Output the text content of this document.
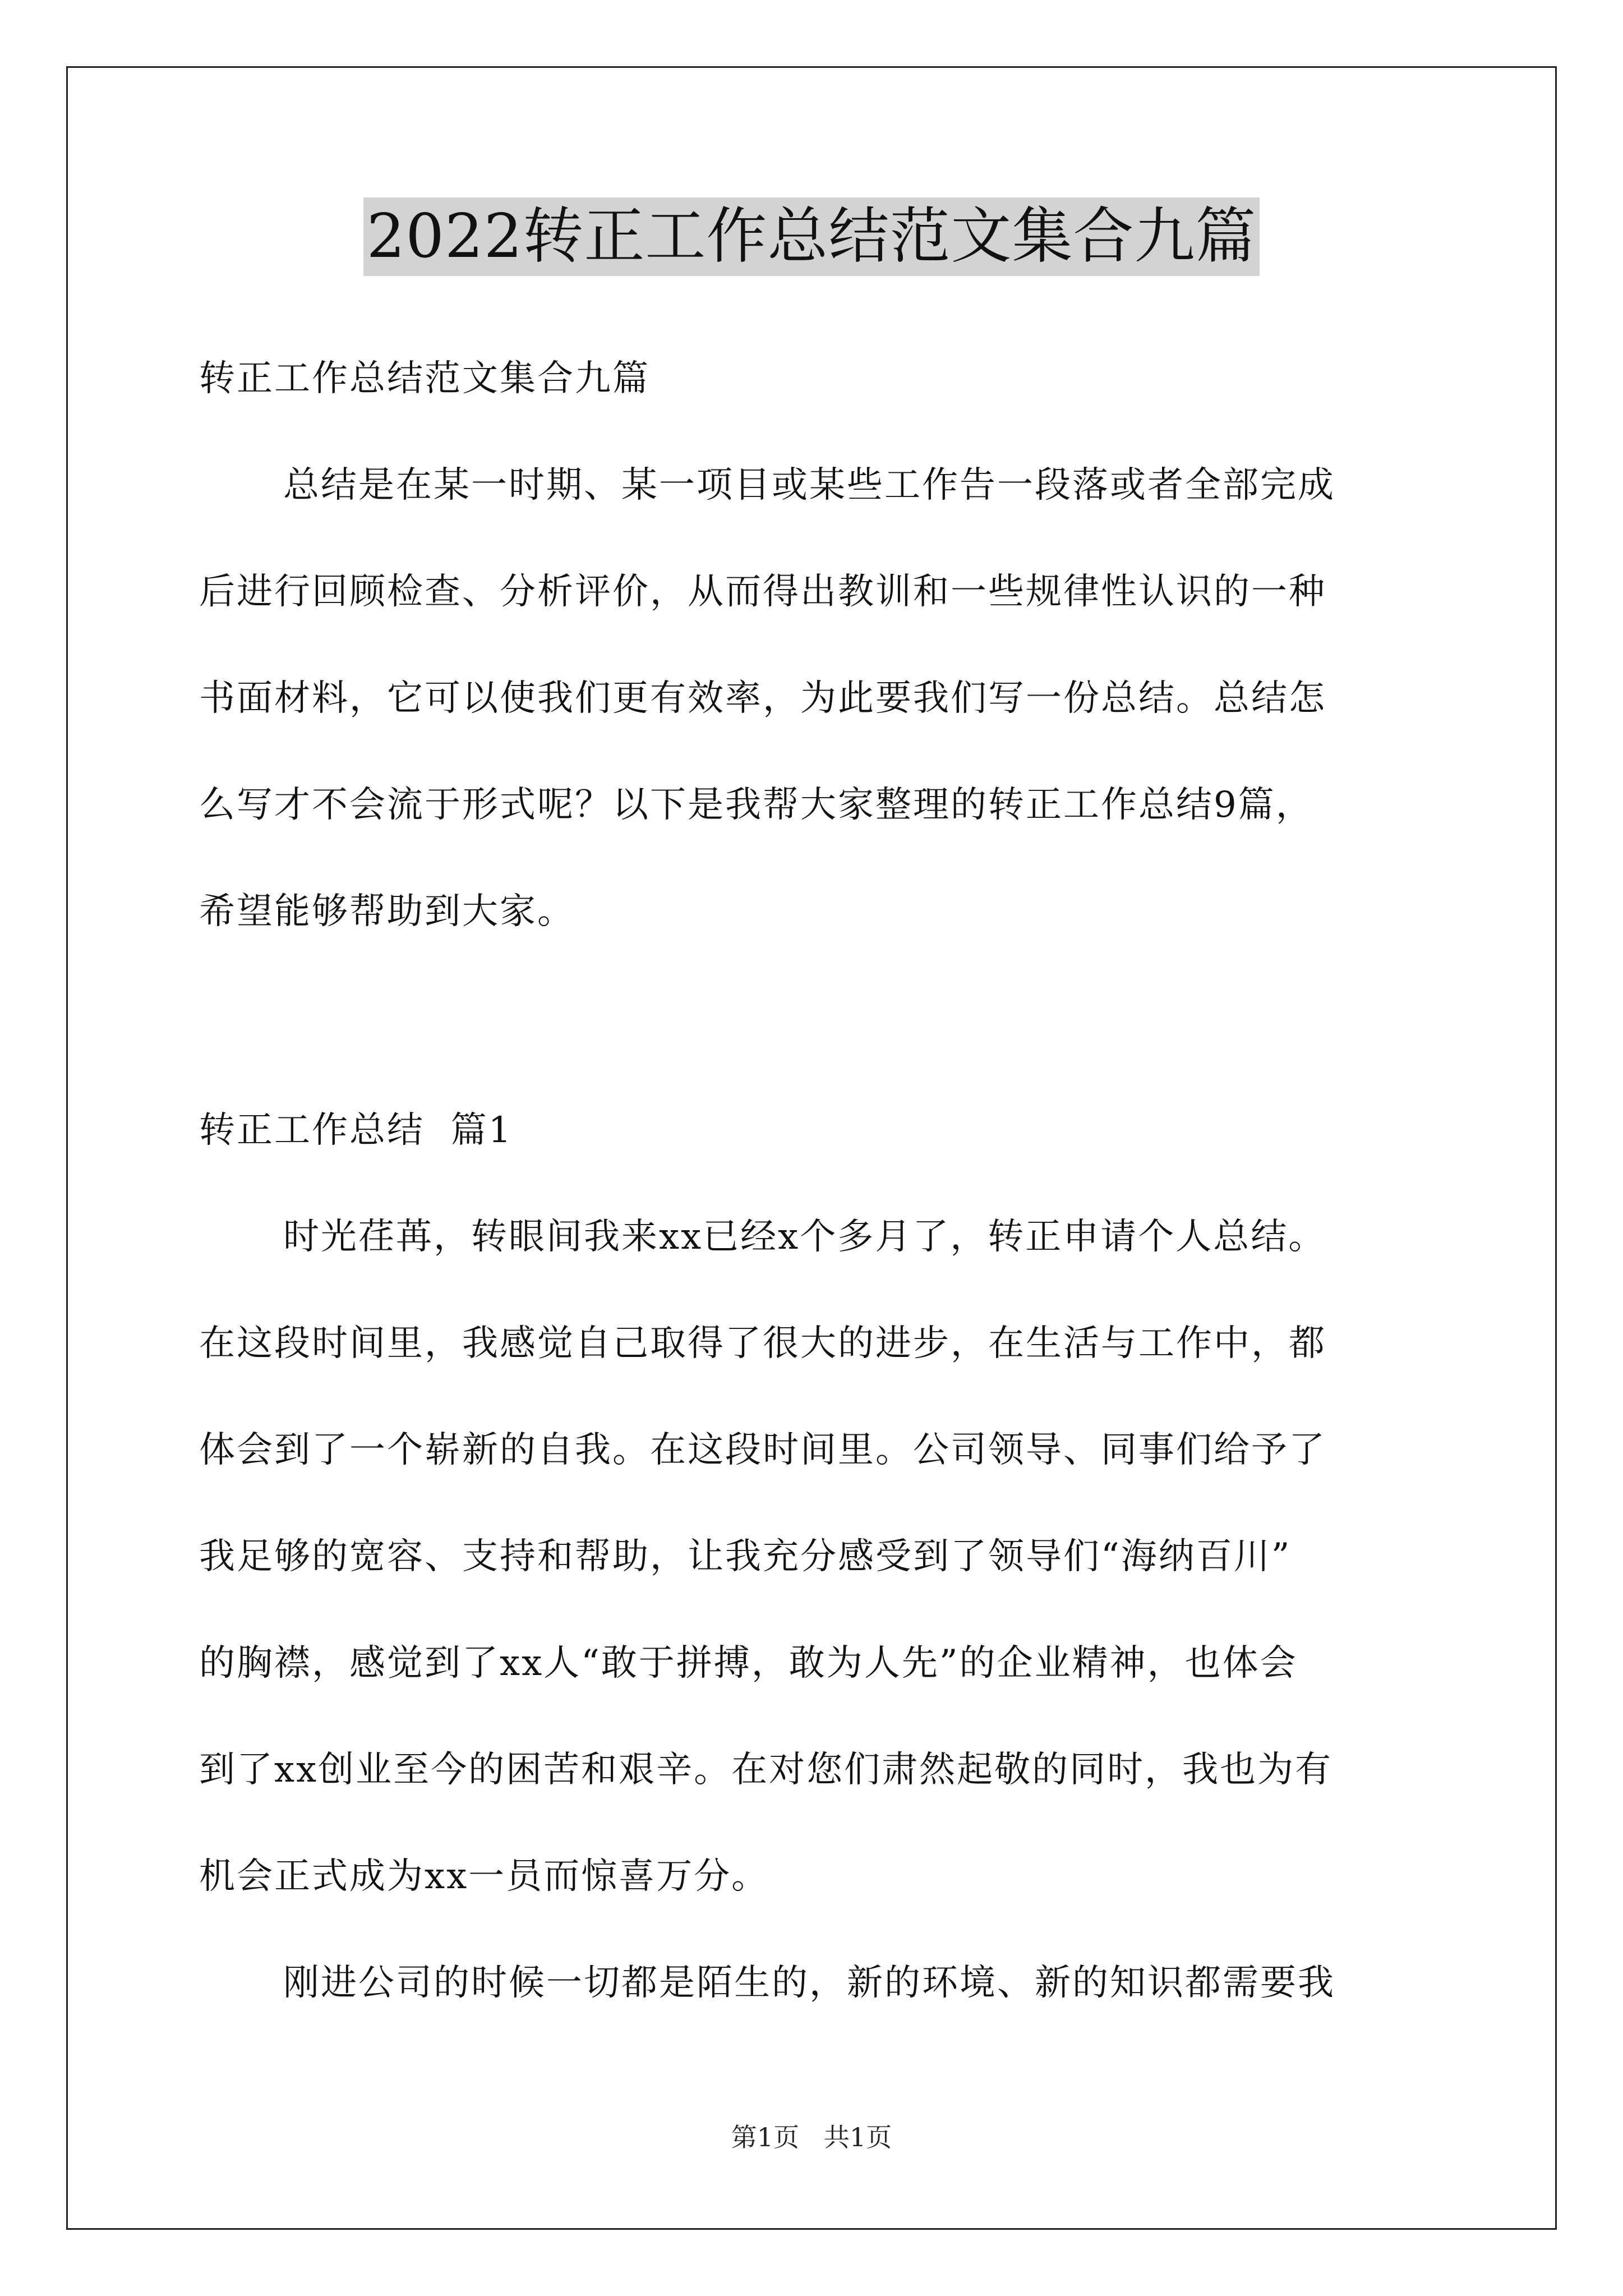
2022转正工作总结范文集合九篇
转正工作总结范文集合九篇
总结是在某一时期、某一项目或某些工作告一段落或者全部完成
后进行回顾检查、分析评价，从而得出教训和一些规律性认识的一种
书面材料，它可以使我们更有效率，为此要我们写一份总结。总结怎
么写才不会流于形式呢？以下是我帮大家整理的转正工作总结9篇，
希望能够帮助到大家。
转正工作总结  篇1
时光荏苒，转眼间我来xx已经x个多月了，转正申请个人总结。
在这段时间里，我感觉自己取得了很大的进步，在生活与工作中，都
体会到了一个崭新的自我。在这段时间里。公司领导、同事们给予了
我足够的宽容、支持和帮助，让我充分感受到了领导们“海纳百川”
的胸襟，感觉到了xx人“敢于拼搏，敢为人先”的企业精神，也体会
到了xx创业至今的困苦和艰辛。在对您们肃然起敬的同时，我也为有
机会正式成为xx一员而惊喜万分。
刚进公司的时候一切都是陌生的，新的环境、新的知识都需要我
第1页   共1页
